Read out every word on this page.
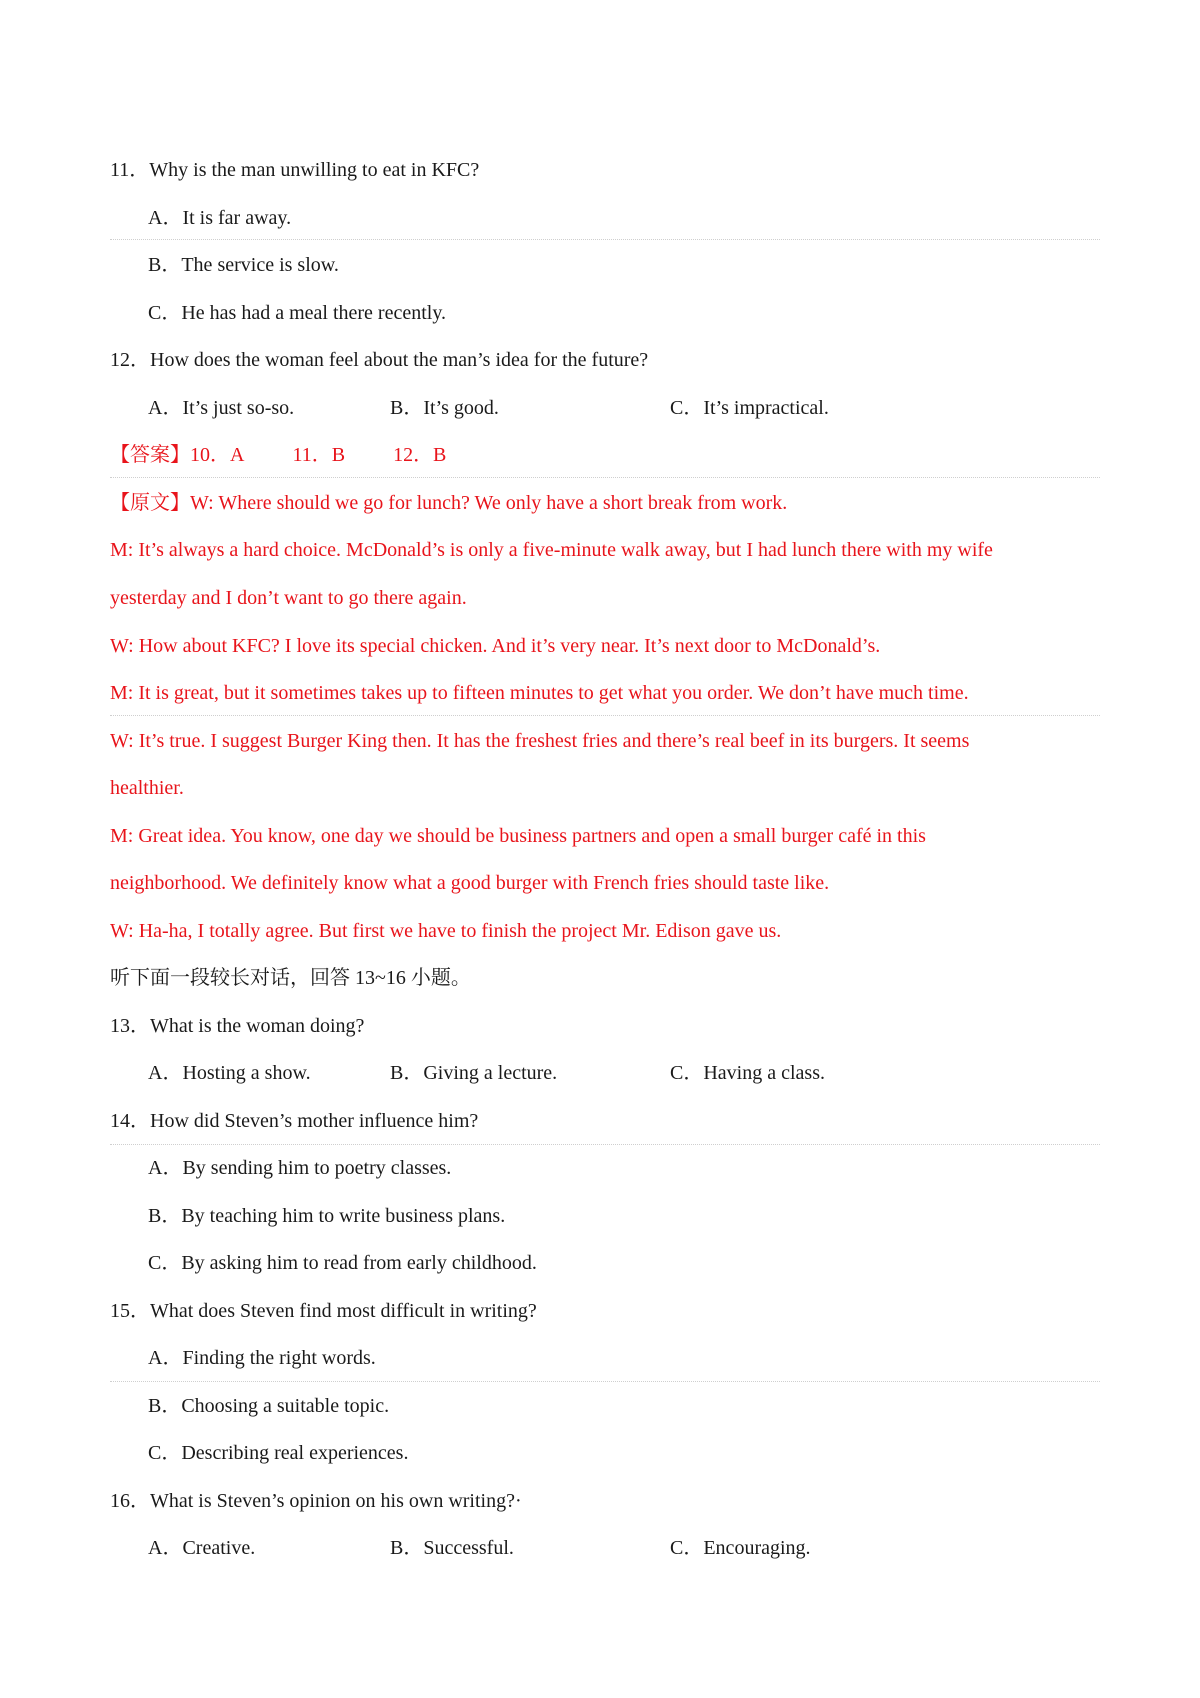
11．Why is the man unwilling to eat in KFC?
A．It is far away.
B．The service is slow.
C．He has had a meal there recently.
12．How does the woman feel about the man’s idea for the future?
A．It’s just so-so.	B．It’s good.	C．It’s impractical.
【答案】10．A 11．B 12．B
【原文】W: Where should we go for lunch? We only have a short break from work.
M: It’s always a hard choice. McDonald’s is only a five-minute walk away, but I had lunch there with my wife
yesterday and I don’t want to go there again.
W: How about KFC? I love its special chicken. And it’s very near. It’s next door to McDonald’s.
M: It is great, but it sometimes takes up to fifteen minutes to get what you order. We don’t have much time.
W: It’s true. I suggest Burger King then. It has the freshest fries and there’s real beef in its burgers. It seems
healthier.
M: Great idea. You know, one day we should be business partners and open a small burger café in this
neighborhood. We definitely know what a good burger with French fries should taste like.
W: Ha-ha, I totally agree. But first we have to finish the project Mr. Edison gave us.
听下面一段较长对话，回答 13~16 小题。
13．What is the woman doing?
A．Hosting a show.	B．Giving a lecture.	C．Having a class.
14．How did Steven’s mother influence him?
A．By sending him to poetry classes.
B．By teaching him to write business plans.
C．By asking him to read from early childhood.
15．What does Steven find most difficult in writing?
A．Finding the right words.
B．Choosing a suitable topic.
C．Describing real experiences.
16．What is Steven’s opinion on his own writing?·
A．Creative.	B．Successful.	C．Encouraging.
